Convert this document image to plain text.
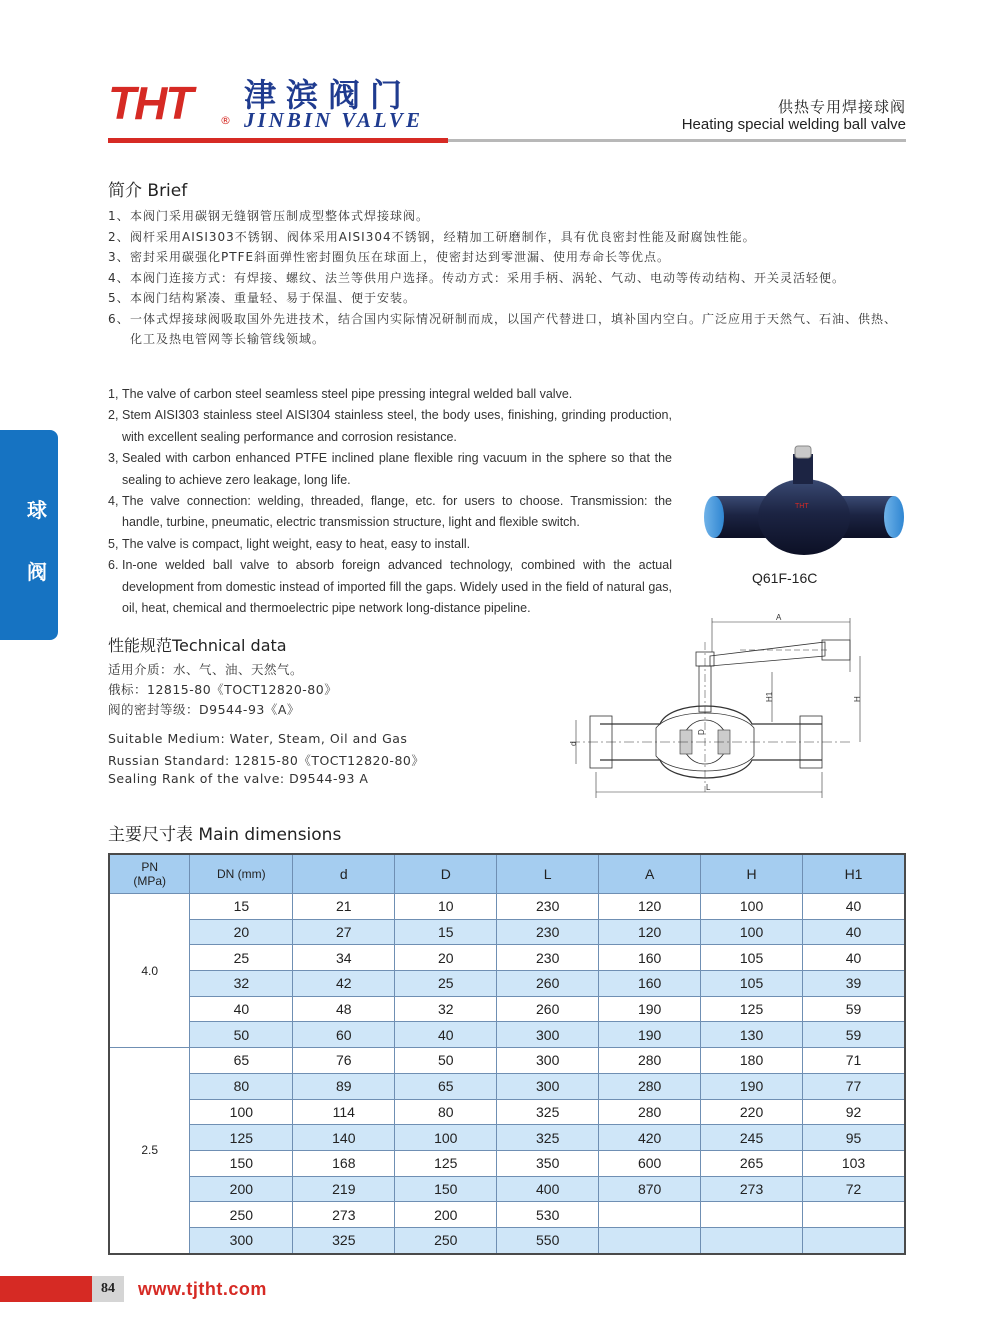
THT	®
津滨阀门
JINBIN VALVE
供热专用焊接球阀
Heating special welding ball valve
球
阀
简介 Brief
1、 本阀门采用碳钢无缝钢管压制成型整体式焊接球阀。
2、 阀杆采用AISI303不锈钢、阀体采用AISI304不锈钢，经精加工研磨制作，具有优良密封性能及耐腐蚀性能。
3、 密封采用碳强化PTFE斜面弹性密封圈负压在球面上，使密封达到零泄漏、使用寿命长等优点。
4、 本阀门连接方式：有焊接、螺纹、法兰等供用户选择。传动方式：采用手柄、涡轮、气动、电动等传动结构、开关灵活轻便。
5、 本阀门结构紧凑、重量轻、易于保温、便于安装。
6、 一体式焊接球阀吸取国外先进技术，结合国内实际情况研制而成，以国产代替进口，填补国内空白。广泛应用于天然气、石油、供热、化工及热电管网等长输管线领域。
1, The valve of carbon steel seamless steel pipe pressing integral welded ball valve.
2, Stem AISI303 stainless steel AISI304 stainless steel, the body uses, finishing, grinding production, with excellent sealing performance and corrosion resistance.
3, Sealed with carbon enhanced PTFE inclined plane flexible ring vacuum in the sphere so that the sealing to achieve zero leakage, long life.
4, The valve connection: welding, threaded, flange, etc. for users to choose. Transmission: the handle, turbine, pneumatic, electric transmission structure, light and flexible switch.
5, The valve is compact, light weight, easy to heat, easy to install.
6. In-one welded ball valve to absorb foreign advanced technology, combined with the actual development from domestic instead of imported fill the gaps. Widely used in the field of natural gas, oil, heat, chemical and thermoelectric pipe network long-distance pipeline.
THT
Q61F-16C
性能规范Technical data
适用介质：水、气、油、天然气。
俄标：12815-80《TOCT12820-80》
阀的密封等级：D9544-93《A》
Suitable Medium: Water, Steam, Oil and Gas
Russian Standard: 12815-80《TOCT12820-80》
Sealing Rank of the valve: D9544-93 A
A
H
H1
d
D
L
主要尺寸表 Main dimensions
PN
(MPa)	DN (mm)	d	D	L	A	H	H1
4.0	15	21	10	230	120	100	40
	20	27	15	230	120	100	40
	25	34	20	230	160	105	40
	32	42	25	260	160	105	39
	40	48	32	260	190	125	59
	50	60	40	300	190	130	59
2.5	65	76	50	300	280	180	71
	80	89	65	300	280	190	77
	100	114	80	325	280	220	92
	125	140	100	325	420	245	95
	150	168	125	350	600	265	103
	200	219	150	400	870	273	72
	250	273	200	530			
	300	325	250	550			
84	www.tjtht.com
